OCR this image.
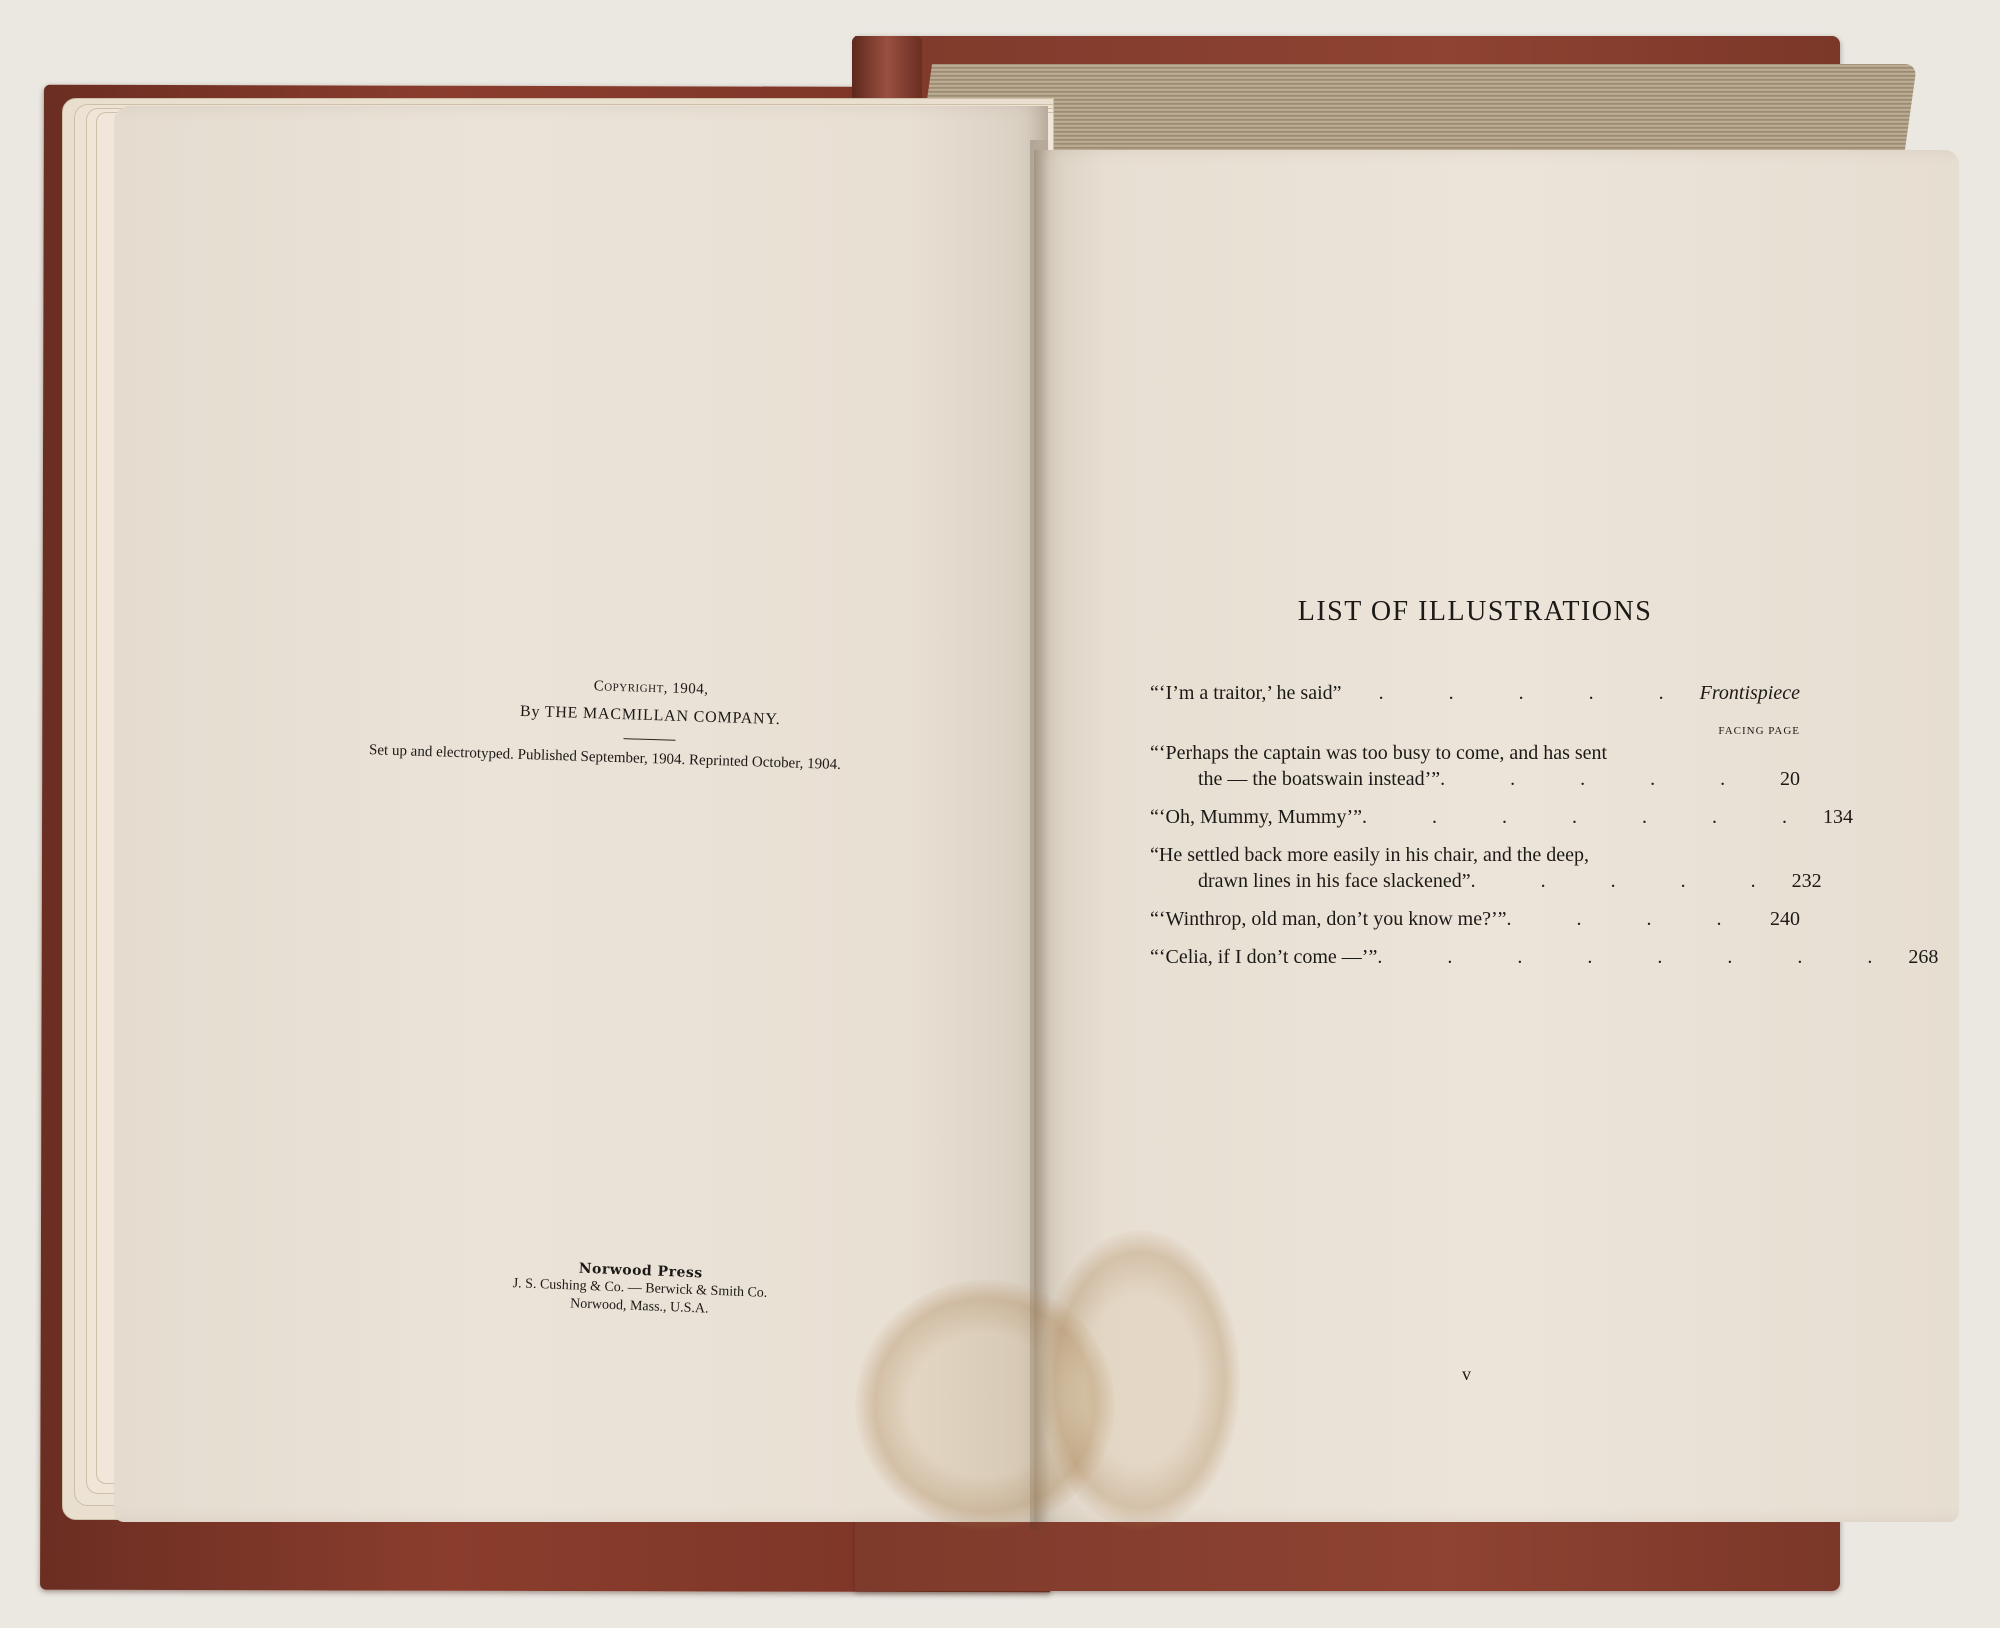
Copyright, 1904,
By THE MACMILLAN COMPANY.
Set up and electrotyped. Published September, 1904. Reprinted October, 1904.
Norwood Press
J. S. Cushing & Co. — Berwick & Smith Co.
Norwood, Mass., U.S.A.
LIST OF ILLUSTRATIONS
“‘I’m a traitor,’ he said”	. . . . . Frontispiece
FACING PAGE
“‘Perhaps the captain was too busy to come, and has sent
the — the boatswain instead’” . . . . .	20
“‘Oh, Mummy, Mummy’” . . . . . . . 134
“He settled back more easily in his chair, and the deep,
drawn lines in his face slackened” . . . . . 232
“‘Winthrop, old man, don’t you know me?’” . . . . 240
“‘Celia, if I don’t come —’” . . . . . . . . 268
v
